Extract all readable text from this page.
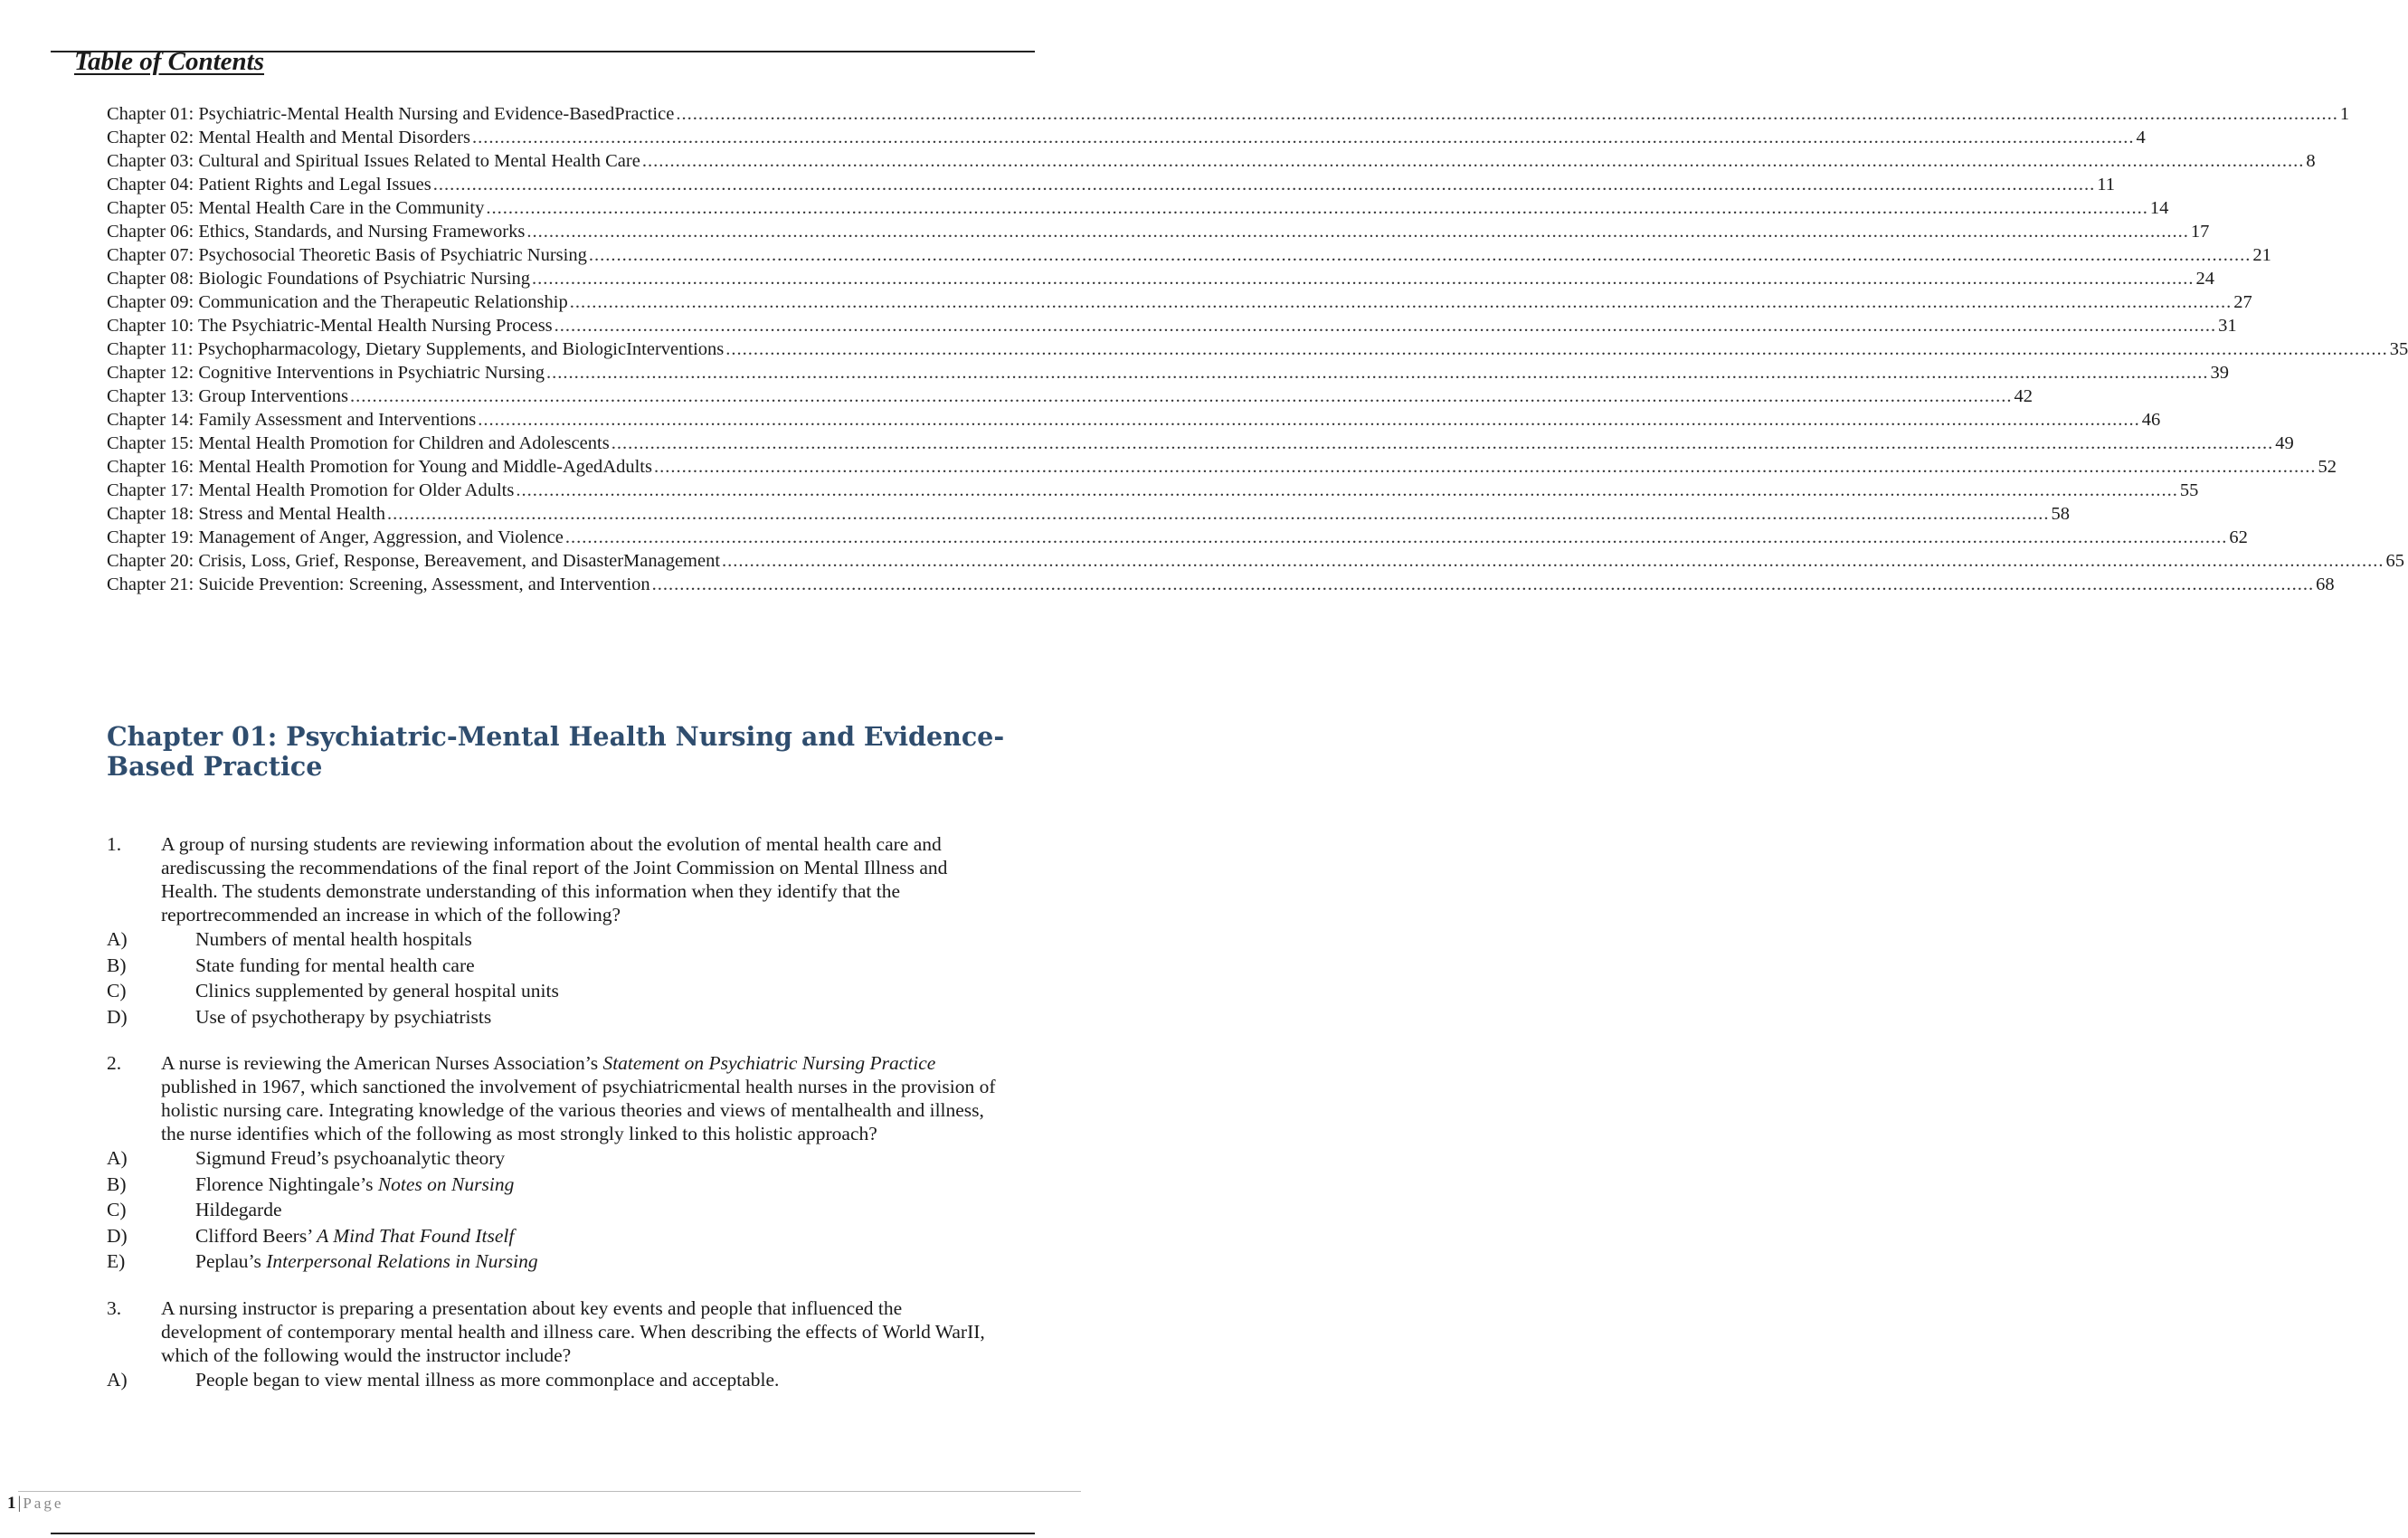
Table of Contents
Chapter 01: Psychiatric-Mental Health Nursing and Evidence-BasedPractice ............................................................................................................................................................................................................................................................................................................ 1
Chapter 02: Mental Health and Mental Disorders ............................................................................................................................................................................................................................................................................................................ 4
Chapter 03: Cultural and Spiritual Issues Related to Mental Health Care ............................................................................................................................................................................................................................................................................................................ 8
Chapter 04: Patient Rights and Legal Issues ............................................................................................................................................................................................................................................................................................................ 11
Chapter 05: Mental Health Care in the Community ............................................................................................................................................................................................................................................................................................................ 14
Chapter 06: Ethics, Standards, and Nursing Frameworks ............................................................................................................................................................................................................................................................................................................ 17
Chapter 07: Psychosocial Theoretic Basis of Psychiatric Nursing ............................................................................................................................................................................................................................................................................................................ 21
Chapter 08: Biologic Foundations of Psychiatric Nursing ............................................................................................................................................................................................................................................................................................................ 24
Chapter 09: Communication and the Therapeutic Relationship ............................................................................................................................................................................................................................................................................................................ 27
Chapter 10: The Psychiatric-Mental Health Nursing Process ............................................................................................................................................................................................................................................................................................................ 31
Chapter 11: Psychopharmacology, Dietary Supplements, and BiologicInterventions ............................................................................................................................................................................................................................................................................................................ 35
Chapter 12: Cognitive Interventions in Psychiatric Nursing ............................................................................................................................................................................................................................................................................................................ 39
Chapter 13: Group Interventions ............................................................................................................................................................................................................................................................................................................ 42
Chapter 14: Family Assessment and Interventions ............................................................................................................................................................................................................................................................................................................ 46
Chapter 15: Mental Health Promotion for Children and Adolescents ............................................................................................................................................................................................................................................................................................................ 49
Chapter 16: Mental Health Promotion for Young and Middle-AgedAdults ............................................................................................................................................................................................................................................................................................................ 52
Chapter 17: Mental Health Promotion for Older Adults ............................................................................................................................................................................................................................................................................................................ 55
Chapter 18: Stress and Mental Health ............................................................................................................................................................................................................................................................................................................ 58
Chapter 19: Management of Anger, Aggression, and Violence ............................................................................................................................................................................................................................................................................................................ 62
Chapter 20: Crisis, Loss, Grief, Response, Bereavement, and DisasterManagement ............................................................................................................................................................................................................................................................................................................ 65
Chapter 21: Suicide Prevention: Screening, Assessment, and Intervention ............................................................................................................................................................................................................................................................................................................ 68
Chapter 01: Psychiatric-Mental Health Nursing and Evidence-Based Practice
1.	A group of nursing students are reviewing information about the evolution of mental health care and arediscussing the recommendations of the final report of the Joint Commission on Mental Illness and Health. The students demonstrate understanding of this information when they identify that the reportrecommended an increase in which of the following?
A)	Numbers of mental health hospitals
B)	State funding for mental health care
C)	Clinics supplemented by general hospital units
D)	Use of psychotherapy by psychiatrists
2.	A nurse is reviewing the American Nurses Association’s Statement on Psychiatric Nursing Practice published in 1967, which sanctioned the involvement of psychiatricmental health nurses in the provision of holistic nursing care. Integrating knowledge of the various theories and views of mentalhealth and illness, the nurse identifies which of the following as most strongly linked to this holistic approach?
A)	Sigmund Freud’s psychoanalytic theory
B)	Florence Nightingale’s Notes on Nursing
C)	Hildegarde
D)	Clifford Beers’ A Mind That Found Itself
E)	Peplau’s Interpersonal Relations in Nursing
3.	A nursing instructor is preparing a presentation about key events and people that influenced the development of contemporary mental health and illness care. When describing the effects of World WarII, which of the following would the instructor include?
A)	People began to view mental illness as more commonplace and acceptable.
1 | Page
